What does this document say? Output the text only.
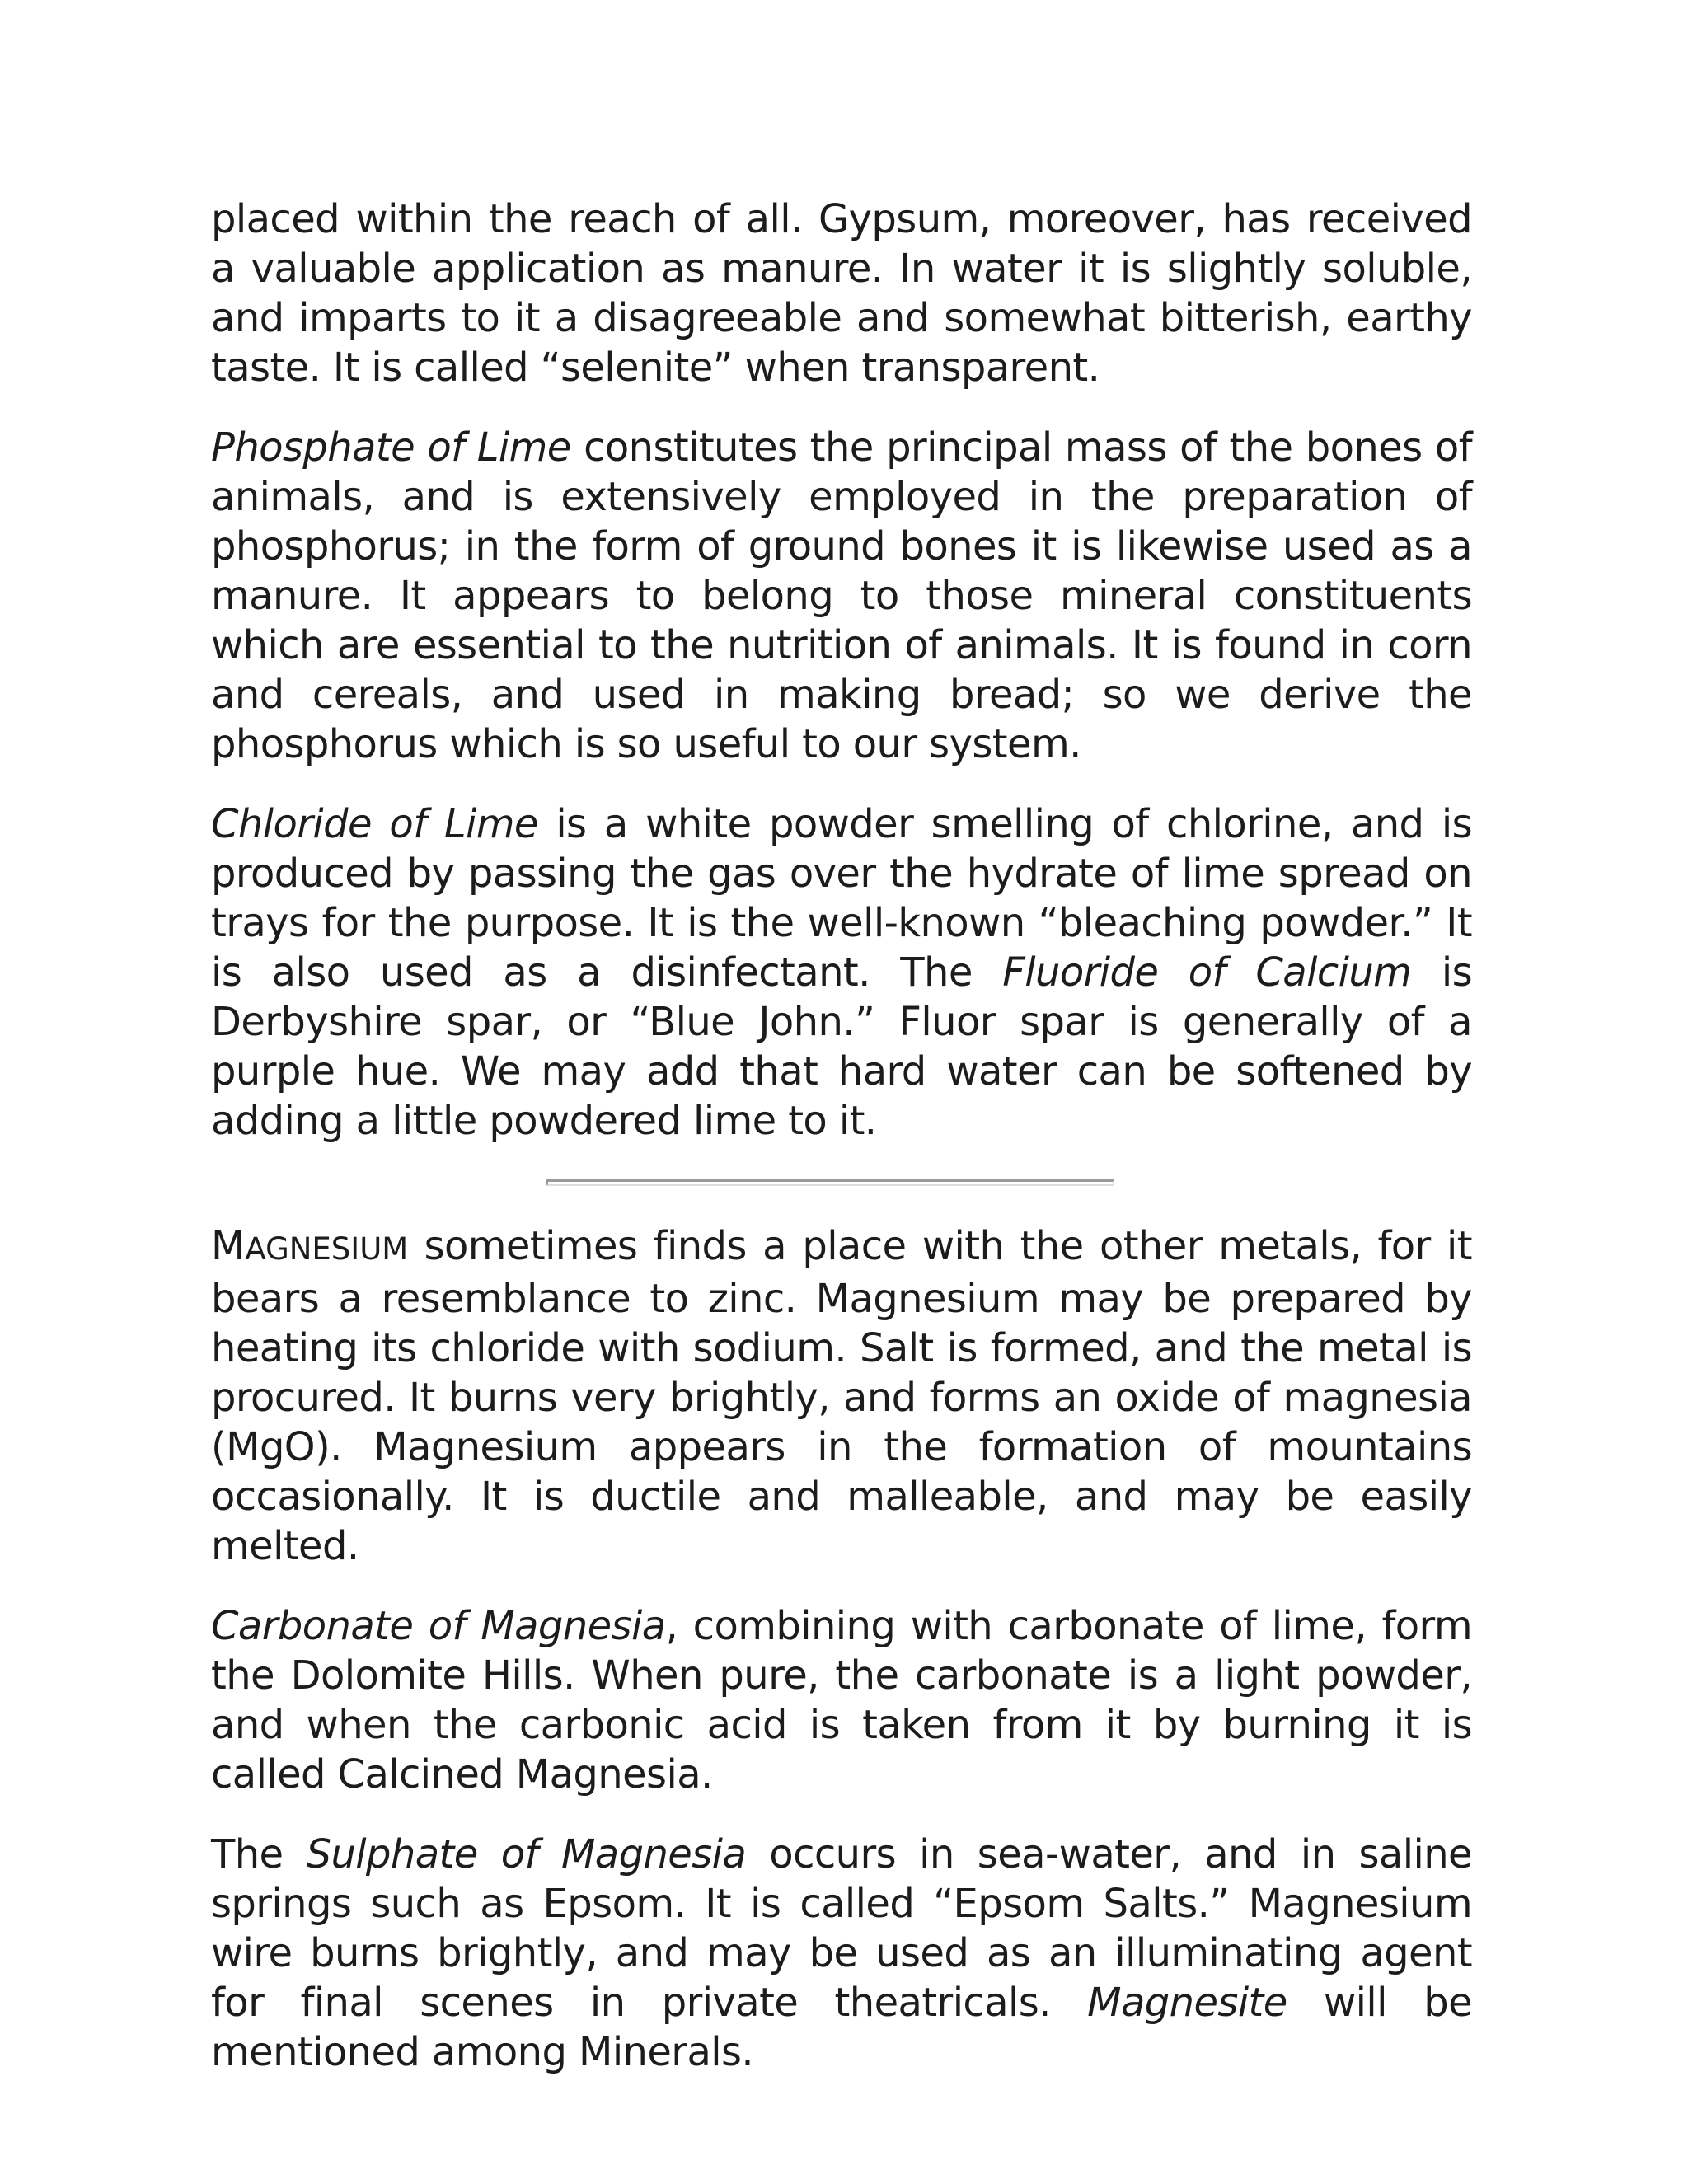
placed within the reach of all. Gypsum, moreover, has received a valuable application as manure. In water it is slightly soluble, and imparts to it a disagreeable and somewhat bitterish, earthy taste. It is called “selenite” when transparent.

Phosphate of Lime constitutes the principal mass of the bones of animals, and is extensively employed in the preparation of phosphorus; in the form of ground bones it is likewise used as a manure. It appears to belong to those mineral constituents which are essential to the nutrition of animals. It is found in corn and cereals, and used in making bread; so we derive the phosphorus which is so useful to our system.

Chloride of Lime is a white powder smelling of chlorine, and is produced by passing the gas over the hydrate of lime spread on trays for the purpose. It is the well-known “bleaching powder.” It is also used as a disinfectant. The Fluoride of Calcium is Derbyshire spar, or “Blue John.” Fluor spar is generally of a purple hue. We may add that hard water can be softened by adding a little powdered lime to it.

MAGNESIUM sometimes finds a place with the other metals, for it bears a resemblance to zinc. Magnesium may be prepared by heating its chloride with sodium. Salt is formed, and the metal is procured. It burns very brightly, and forms an oxide of magnesia (MgO). Magnesium appears in the formation of mountains occasionally. It is ductile and malleable, and may be easily melted.

Carbonate of Magnesia, combining with carbonate of lime, form the Dolomite Hills. When pure, the carbonate is a light powder, and when the carbonic acid is taken from it by burning it is called Calcined Magnesia.

The Sulphate of Magnesia occurs in sea-water, and in saline springs such as Epsom. It is called “Epsom Salts.” Magnesium wire burns brightly, and may be used as an illuminating agent for final scenes in private theatricals. Magnesite will be mentioned among Minerals.
